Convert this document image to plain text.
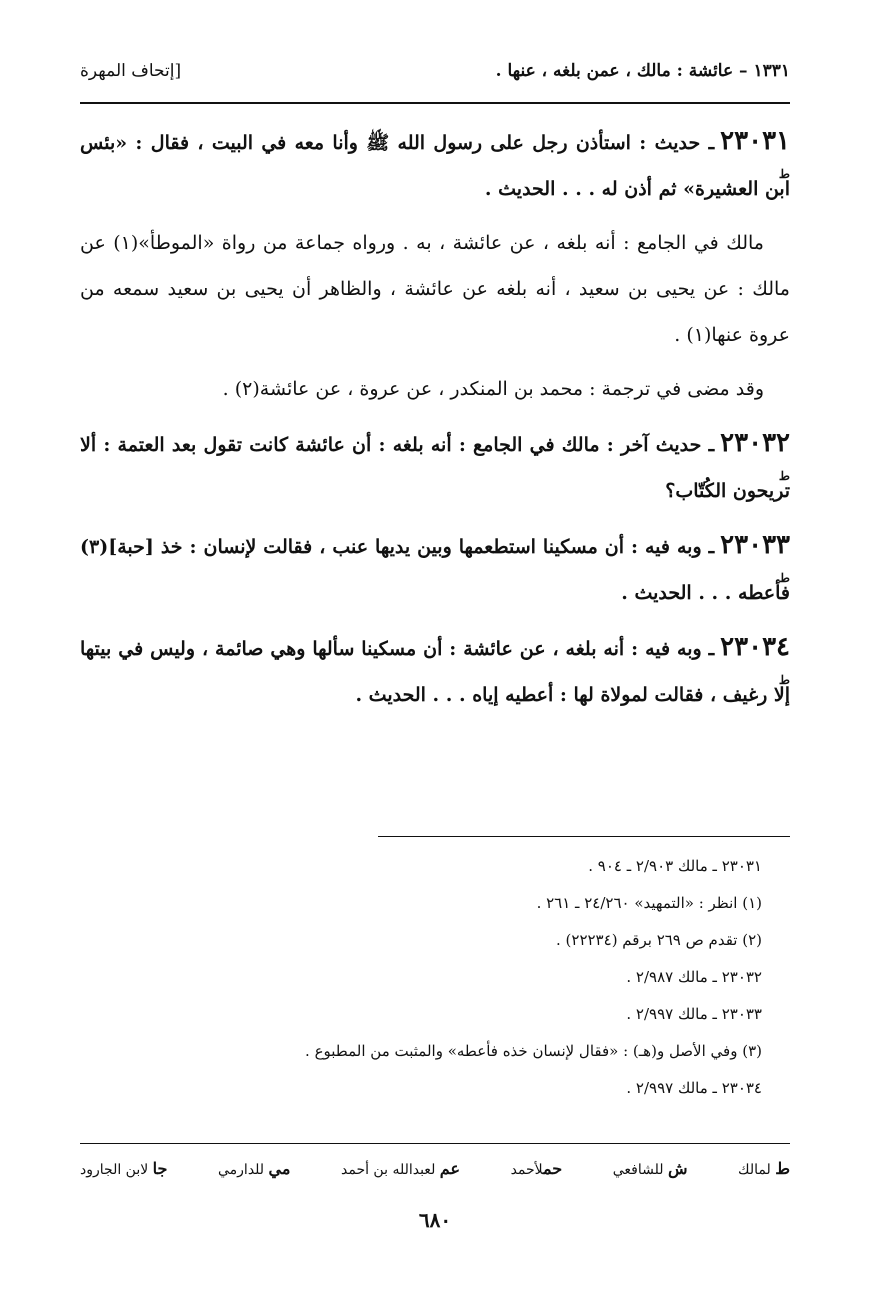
١٣٣١ – عائشة : مالك ، عمن بلغه ، عنها .
[إتحاف المهرة

٢٣٠٣١
ط
ـ حديث : استأذن رجل على رسول الله ﷺ وأنا معه في البيت ، فقال : «بئس ابن العشيرة» ثم أذن له . . . الحديث .

مالك في الجامع : أنه بلغه ، عن عائشة ، به . ورواه جماعة من رواة «الموطأ»(١) عن مالك : عن يحيى بن سعيد ، أنه بلغه عن عائشة ، والظاهر أن يحيى بن سعيد سمعه من عروة عنها(١) .

وقد مضى في ترجمة : محمد بن المنكدر ، عن عروة ، عن عائشة(٢) .

٢٣٠٣٢
ط
ـ حديث آخر : مالك في الجامع : أنه بلغه : أن عائشة كانت تقول بعد العتمة : ألا تريحون الكُتّاب؟

٢٣٠٣٣
ط
ـ وبه فيه : أن مسكينا استطعمها وبين يديها عنب ، فقالت لإنسان : خذ [حبة](٣) فأعطه . . . الحديث .

٢٣٠٣٤
ط
ـ وبه فيه : أنه بلغه ، عن عائشة : أن مسكينا سألها وهي صائمة ، وليس في بيتها إلا رغيف ، فقالت لمولاة لها : أعطيه إياه . . . الحديث .

٢٣٠٣١ ـ مالك ٢/٩٠٣ ـ ٩٠٤ .
(١) انظر : «التمهيد» ٢٤/٢٦٠ ـ ٢٦١ .
(٢) تقدم ص ٢٦٩ برقم (٢٢٢٣٤) .
٢٣٠٣٢ ـ مالك ٢/٩٨٧ .
٢٣٠٣٣ ـ مالك ٢/٩٩٧ .
(٣) وفي الأصل و(هـ) : «فقال لإنسان خذه فأعطه» والمثبت من المطبوع .
٢٣٠٣٤ ـ مالك ٢/٩٩٧ .
ط لمالك
ش للشافعي
حملأحمد
عم لعبدالله بن أحمد
مي للدارمي
جا لابن الجارود
٦٨٠
